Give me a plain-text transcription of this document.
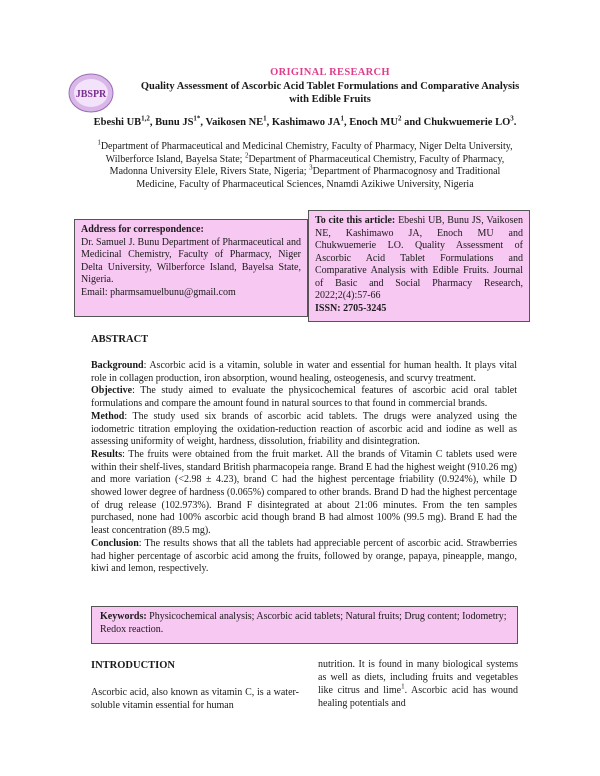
JBSPR
ORIGINAL RESEARCH
Quality Assessment of Ascorbic Acid Tablet Formulations and Comparative Analysis with Edible Fruits
Ebeshi UB$^{1,2}$, Bunu $JS^{1*}$, Vaikosen $NE^1$, Kashimawo $JA^1$, Enoch $MU^2$ and Chukwuemerie $LO^3$.
$^1$Department of Pharmaceutical and Medicinal Chemistry, Faculty of Pharmacy, Niger Delta University, Wilberforce Island, Bayelsa State; $^2$Department of Pharmaceutical Chemistry, Faculty of Pharmacy, Madonna University Elele, Rivers State, Nigeria; $^3$Department of Pharmacognosy and Traditional Medicine, Faculty of Pharmaceutical Sciences, Nnamdi Azikiwe University, Nigeria
Address for correspondence:
Dr. Samuel J. Bunu Department of Pharmaceutical and Medicinal Chemistry, Faculty of Pharmacy, Niger Delta University, Wilberforce Island, Bayelsa State, Nigeria.
Email: pharmsamuelbunu@gmail.com
To cite this article: Ebeshi UB, Bunu JS, Vaikosen NE, Kashimawo JA, Enoch MU and Chukwuemerie LO. Quality Assessment of Ascorbic Acid Tablet Formulations and Comparative Analysis with Edible Fruits. Journal of Basic and Social Pharmacy Research, 2022;2(4):57-66
ISSN: 2705-3245
ABSTRACT

Background: Ascorbic acid is a vitamin, soluble in water and essential for human health. It plays vital role in collagen production, iron absorption, wound healing, osteogenesis, and scurvy treatment.

Objective: The study aimed to evaluate the physicochemical features of ascorbic acid oral tablet formulations and compare the amount found in natural sources to that found in commercial brands.

Method: The study used six brands of ascorbic acid tablets. The drugs were analyzed using the iodometric titration employing the oxidation-reduction reaction of ascorbic acid and iodine as well as assessing uniformity of weight, hardness, dissolution, friability and disintegration.

Results: The fruits were obtained from the fruit market. All the brands of Vitamin C tablets used were within their shelf-lives, standard British pharmacopeia range. Brand E had the highest weight (910.26 mg) and more variation (<2.98 ± 4.23), brand C had the highest percentage friability (0.924%), while D showed lower degree of hardness (0.065%) compared to other brands. Brand D had the highest percentage of drug release (102.973%). Brand F disintegrated at about 21:06 minutes. From the ten samples purchased, none had 100% ascorbic acid though brand B had almost 100% (99.5 mg). Brand E had the least concentration (89.5 mg).

Conclusion: The results shows that all the tablets had appreciable percent of ascorbic acid. Strawberries had higher percentage of ascorbic acid among the fruits, followed by orange, papaya, pineapple, mango, kiwi and lemon, respectively.

Keywords: Physicochemical analysis; Ascorbic acid tablets; Natural fruits; Drug content; Iodometry; Redox reaction.
INTRODUCTION
Ascorbic acid, also known as vitamin C, is a water-soluble vitamin essential for human
nutrition. It is found in many biological systems as well as diets, including fruits and vegetables like citrus and lime$^1$. Ascorbic acid has wound healing potentials and
